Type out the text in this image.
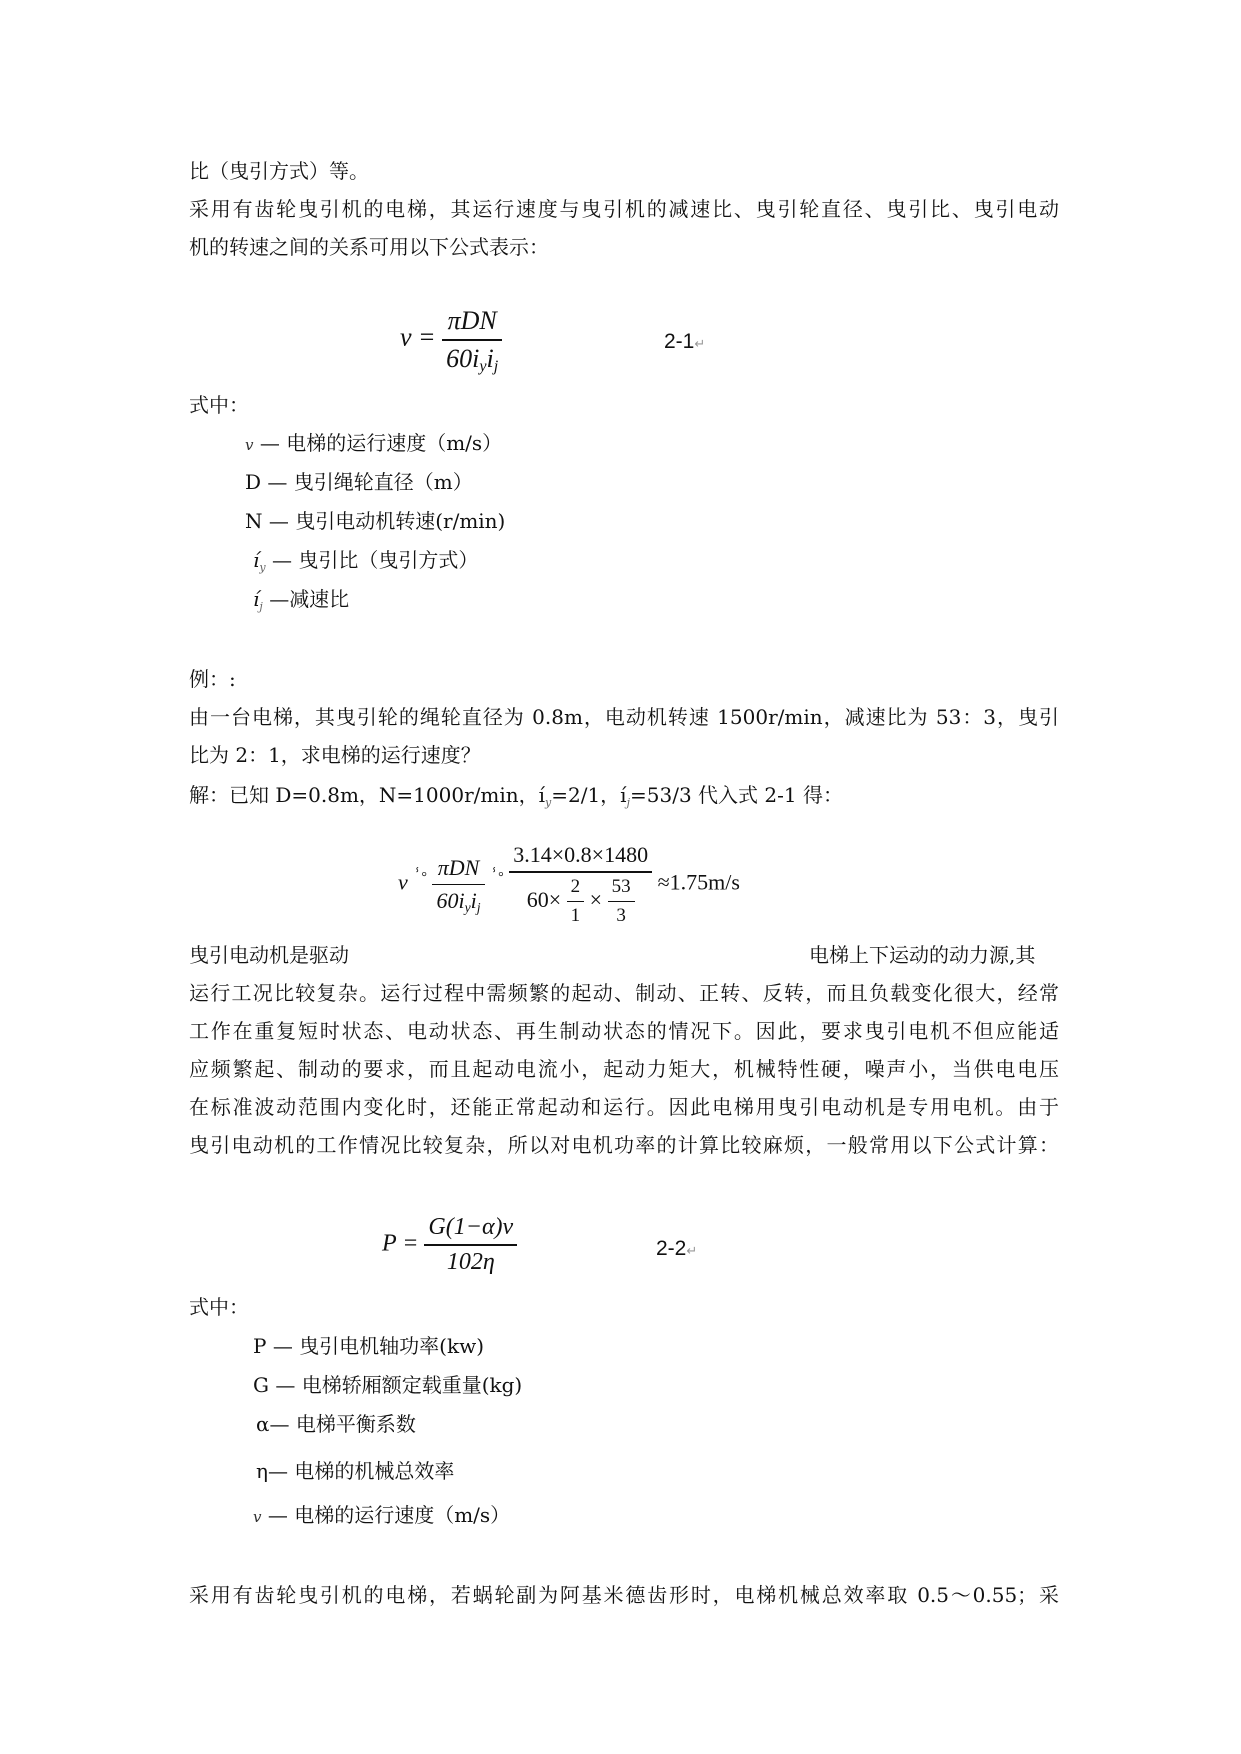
比（曳引方式）等。
采用有齿轮曳引机的电梯，其运行速度与曳引机的减速比、曳引轮直径、曳引比、曳引电动
机的转速之间的关系可用以下公式表示：
$v = \frac{\text{πDN}}{\text{60iyij}}$	2-1↵
式中：
v — 电梯的运行速度（m/s）
D — 曳引绳轮直径（m）
N — 曳引电动机转速(r/min)
$í_y$ — 曳引比（曳引方式）
$í_j$ —减速比
例：:
由一台电梯，其曳引轮的绳轮直径为 0.8m，电动机转速 1500r/min，减速比为 53：3，曳引
比为 2：1，求电梯的运行速度？
解：已知 D=0.8m，N=1000r/min，$í_y=2/1$，$í_j=53/3$ 代入式 2-1 得：
v $^{ⸯ^\circ} \frac{\text{πDN}}{\text{60iyij}} ^{ⸯ^\circ} \frac{3.14\times 0.8\times 1480}{60\times \frac{2}{1} \times \frac{53}{3}} \approx 1.75m/s$
曳引电动机是驱动	电梯上下运动的动力源,其
运行工况比较复杂。运行过程中需频繁的起动、制动、正转、反转，而且负载变化很大，经常
工作在重复短时状态、电动状态、再生制动状态的情况下。因此，要求曳引电机不但应能适
应频繁起、制动的要求，而且起动电流小，起动力矩大，机械特性硬，噪声小，当供电电压
在标准波动范围内变化时，还能正常起动和运行。因此电梯用曳引电动机是专用电机。由于
曳引电动机的工作情况比较复杂，所以对电机功率的计算比较麻烦，一般常用以下公式计算：
$P = \frac{G(1-\alpha)v}{102\eta}$	2-2↵
式中：
P — 曳引电机轴功率(kw)
G — 电梯轿厢额定载重量(kg)
α— 电梯平衡系数
η— 电梯的机械总效率
v — 电梯的运行速度（m/s）
采用有齿轮曳引机的电梯，若蜗轮副为阿基米德齿形时，电梯机械总效率取 0.5～0.55；采
